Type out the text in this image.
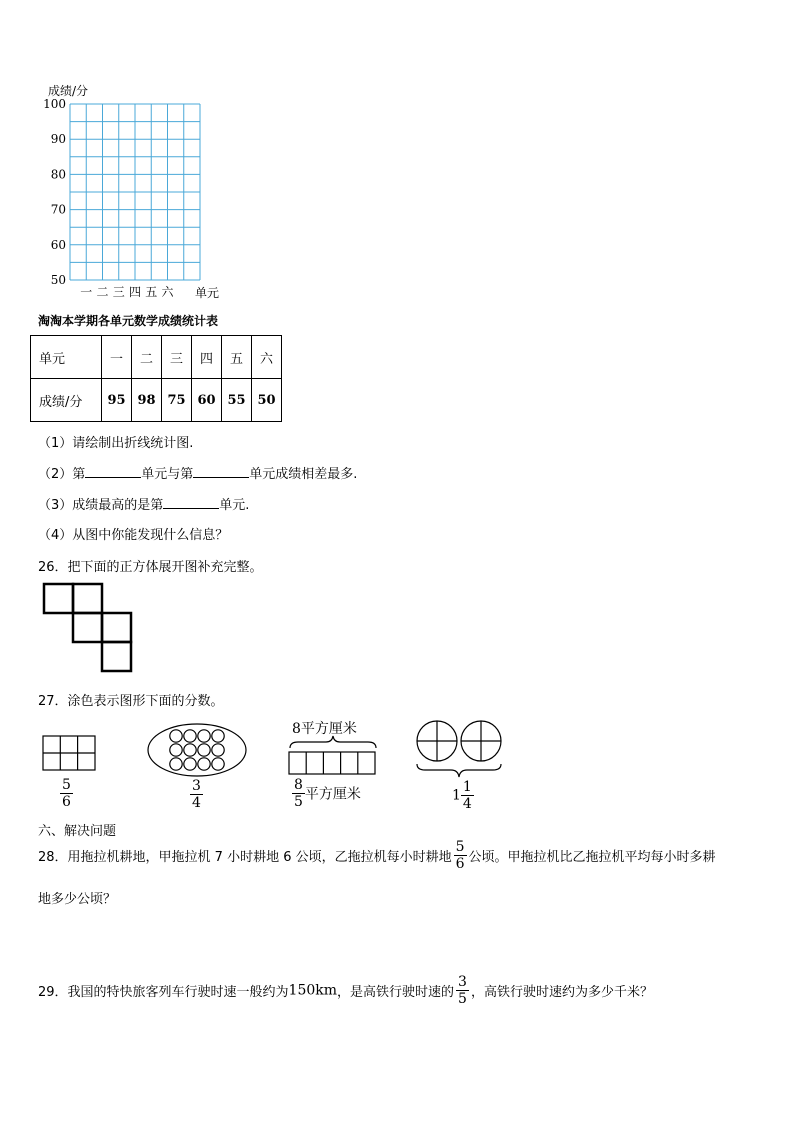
成绩/分
100
90
80
70
60
50
一 二 三 四 五 六 单元
淘淘本学期各单元数学成绩统计表
单元	一	二	三	四	五	六
成绩/分	95	98	75	60	55	50
（1）请绘制出折线统计图.
（2）第	单元与第	单元成绩相差最多.
（3）成绩最高的是第	单元.
（4）从图中你能发现什么信息？
26．把下面的正方体展开图补充完整。
27．涂色表示图形下面的分数。
$\frac{5}{6}$	$\frac{3}{4}$
8平方厘米
$\frac{8}{5}$ 平方厘米	$1 \frac{1}{4}$
六、解决问题
28．用拖拉机耕地，甲拖拉机 7 小时耕地 6 公顷，乙拖拉机每小时耕地 $\frac{5}{6}$ 公顷。甲拖拉机比乙拖拉机平均每小时多耕
地多少公顷？
29．我国的特快旅客列车行驶时速一般约为150km，是高铁行驶时速的 $\frac{3}{5}$ ，高铁行驶时速约为多少千米？
